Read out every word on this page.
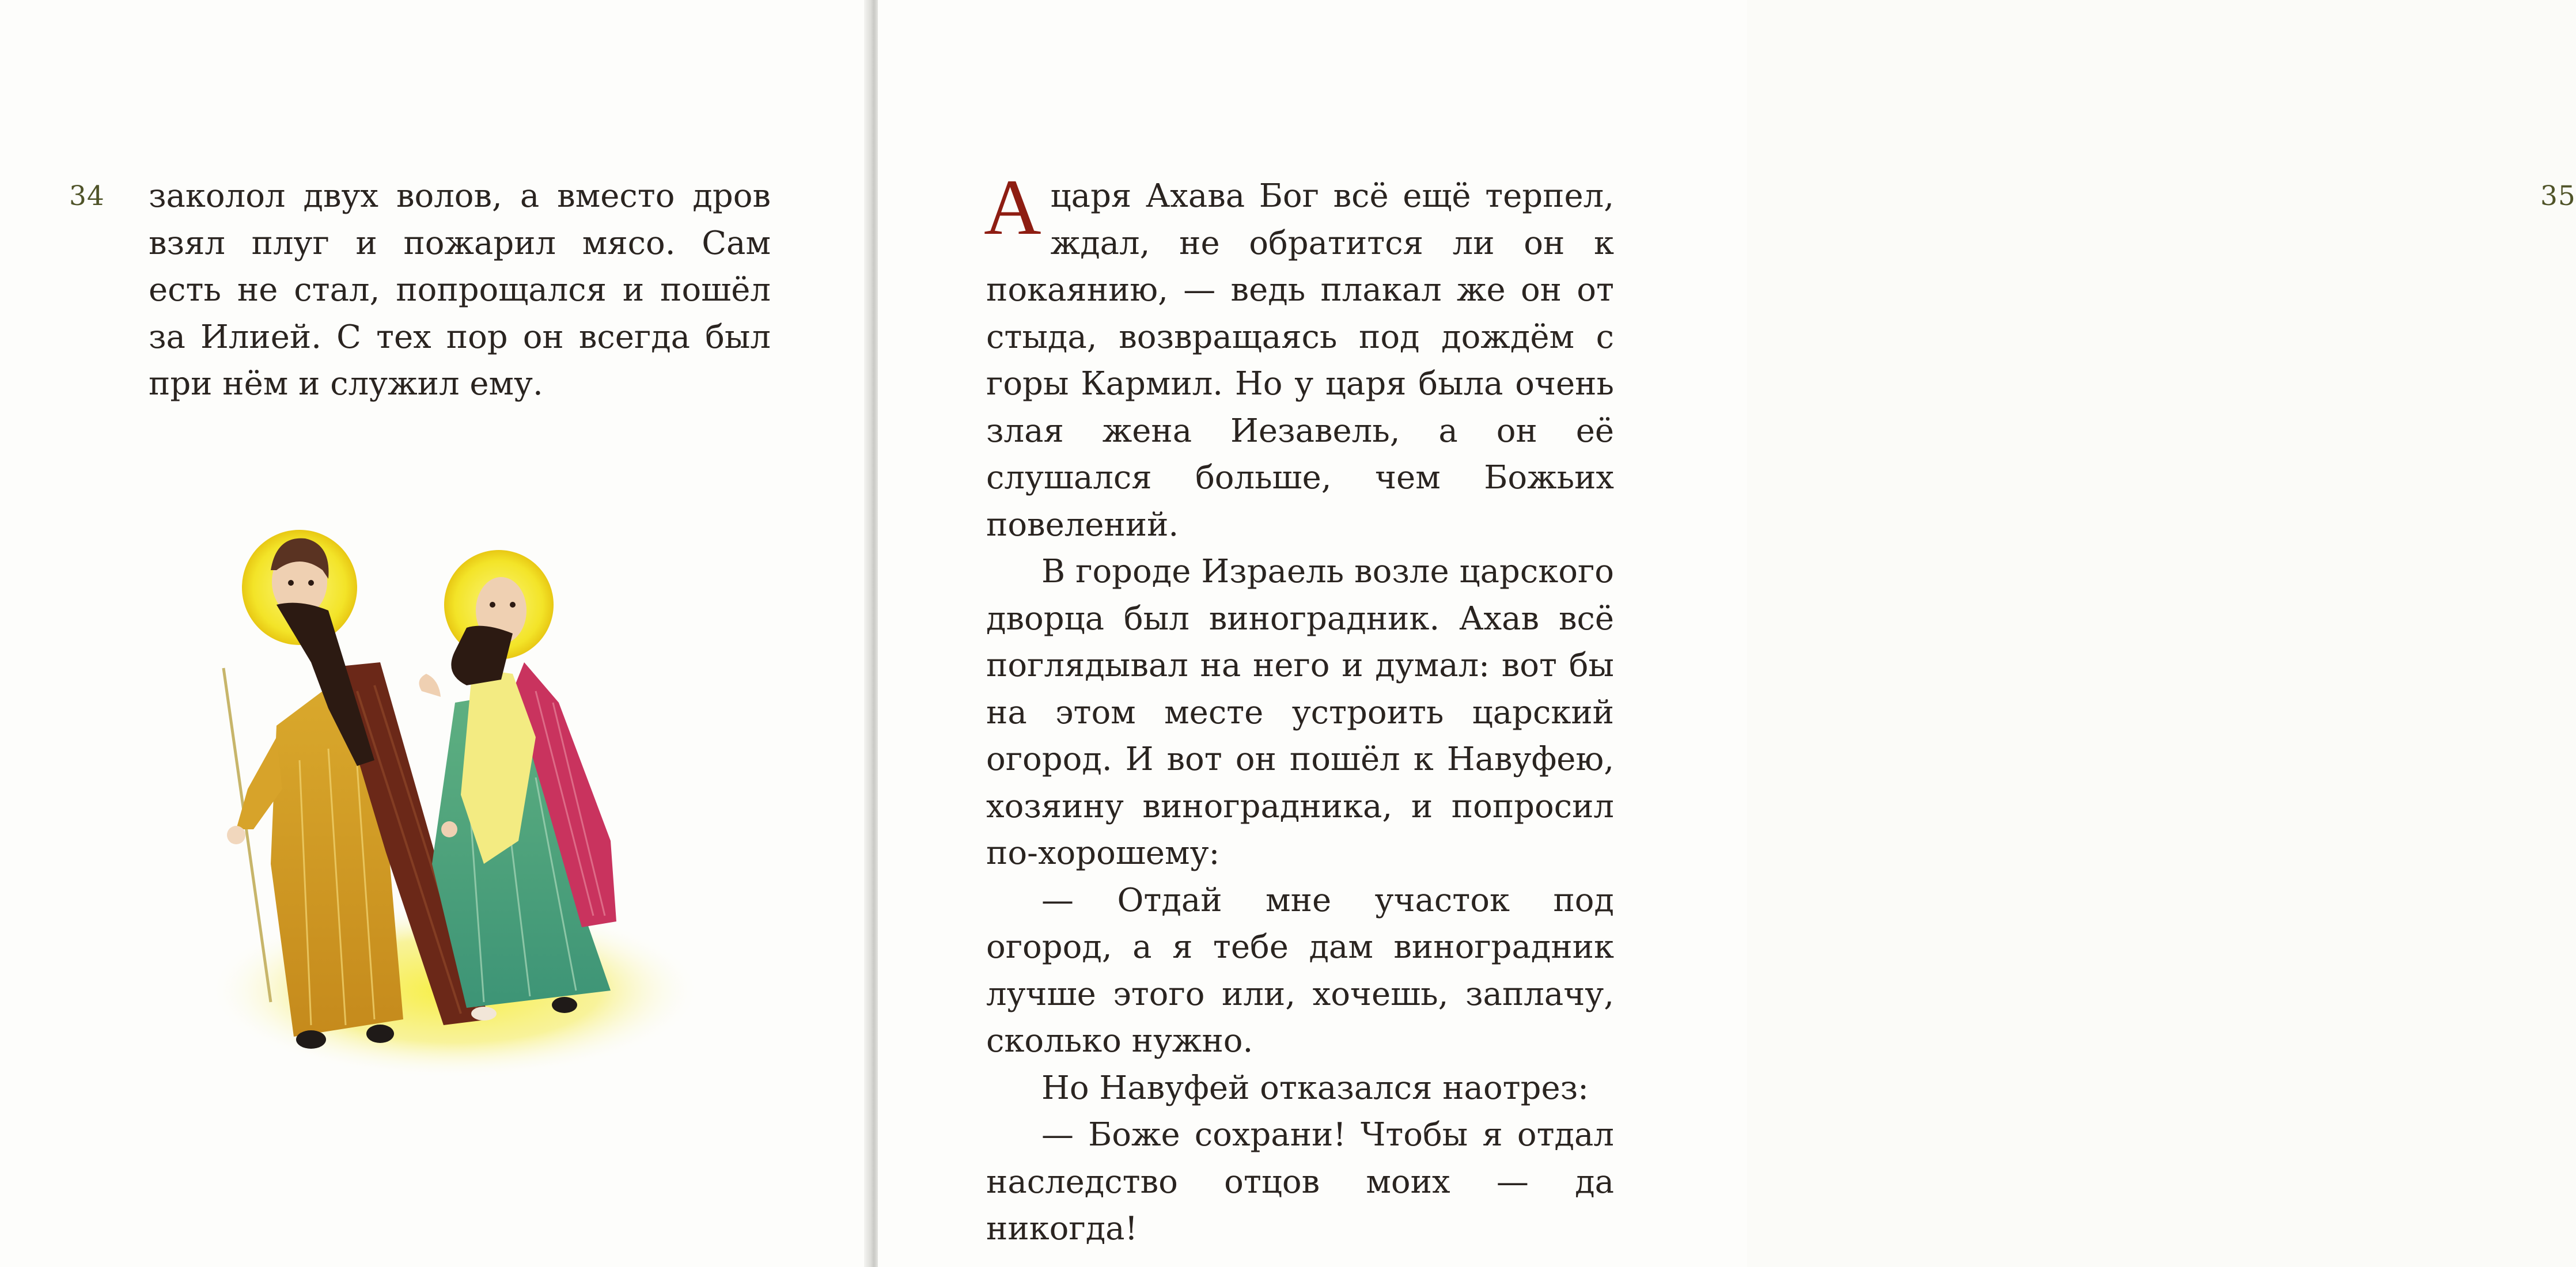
34 заколол двух волов, а вместо дров взял плуг и пожарил мясо. Сам есть не стал, попрощался и пошёл за Илией. С тех пор он всегда был при нём и служил ему.

35

А царя Ахава Бог всё ещё терпел, ждал, не обратится ли он к покаянию, — ведь плакал же он от стыда, возвращаясь под дождём с горы Кармил. Но у царя была очень злая жена Иезавель, а он её слушался больше, чем Божьих повелений.

В городе Израель возле царского дворца был виноградник. Ахав всё поглядывал на него и думал: вот бы на этом месте устроить царский огород. И вот он пошёл к Навуфею, хозяину виноградника, и попросил по-хорошему:

— Отдай мне участок под огород, а я тебе дам виноградник лучше этого или, хочешь, заплачу, сколько нужно.

Но Навуфей отказался наотрез:

— Боже сохрани! Чтобы я отдал наследство отцов моих — да никогда!
